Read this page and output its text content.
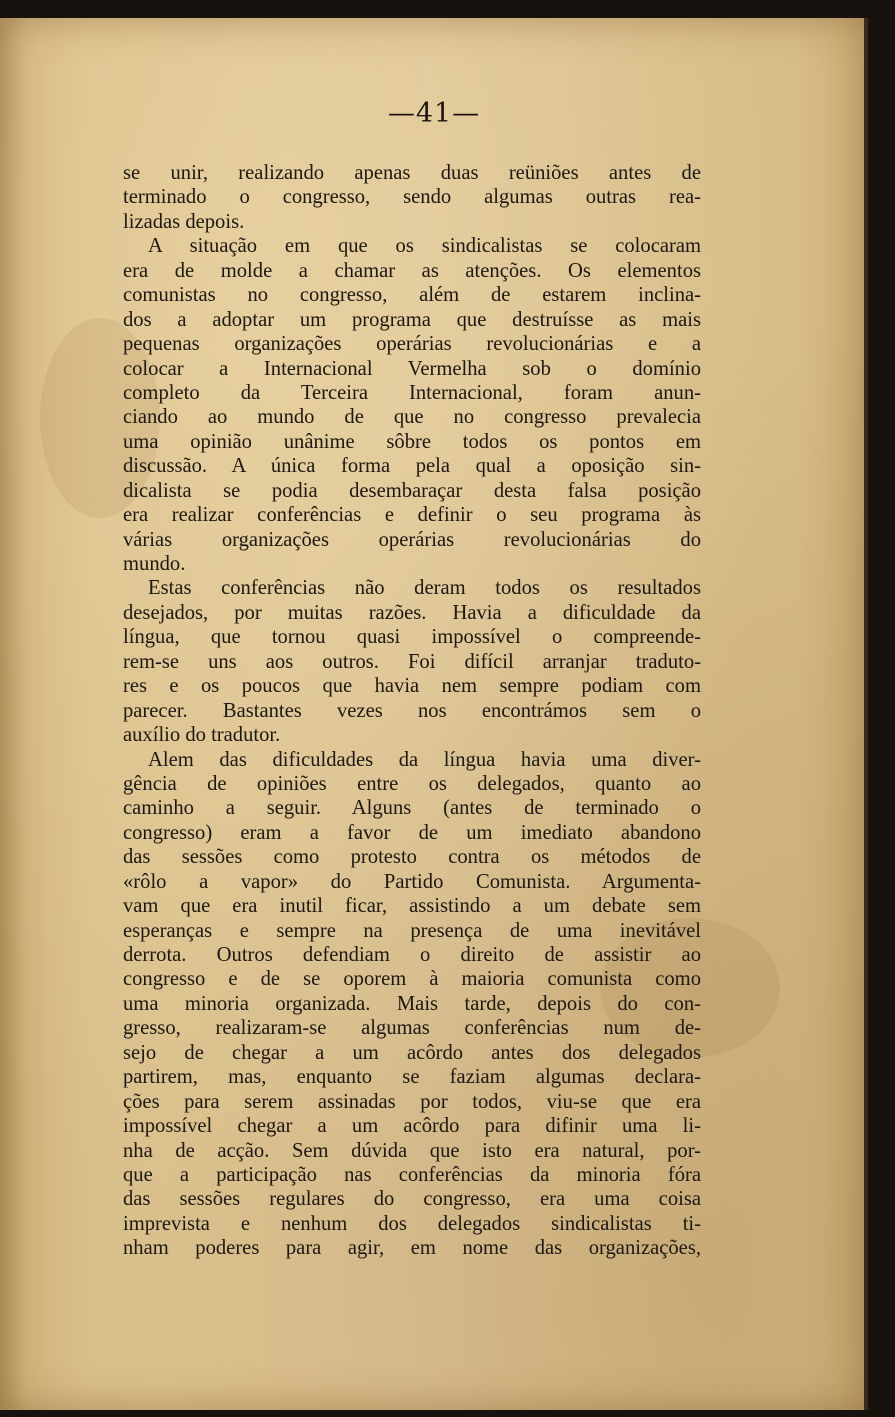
—41—
se unir, realizando apenas duas reüniões antes de
terminado o congresso, sendo algumas outras rea-
lizadas depois.
A situação em que os sindicalistas se colocaram
era de molde a chamar as atenções. Os elementos
comunistas no congresso, além de estarem inclina-
dos a adoptar um programa que destruísse as mais
pequenas organizações operárias revolucionárias e a
colocar a Internacional Vermelha sob o domínio
completo da Terceira Internacional, foram anun-
ciando ao mundo de que no congresso prevalecia
uma opinião unânime sôbre todos os pontos em
discussão. A única forma pela qual a oposição sin-
dicalista se podia desembaraçar desta falsa posição
era realizar conferências e definir o seu programa às
várias organizações operárias revolucionárias do
mundo.
Estas conferências não deram todos os resultados
desejados, por muitas razões. Havia a dificuldade da
língua, que tornou quasi impossível o compreende-
rem-se uns aos outros. Foi difícil arranjar traduto-
res e os poucos que havia nem sempre podiam com
parecer. Bastantes vezes nos encontrámos sem o
auxílio do tradutor.
Alem das dificuldades da língua havia uma diver-
gência de opiniões entre os delegados, quanto ao
caminho a seguir. Alguns (antes de terminado o
congresso) eram a favor de um imediato abandono
das sessões como protesto contra os métodos de
«rôlo a vapor» do Partido Comunista. Argumenta-
vam que era inutil ficar, assistindo a um debate sem
esperanças e sempre na presença de uma inevitável
derrota. Outros defendiam o direito de assistir ao
congresso e de se oporem à maioria comunista como
uma minoria organizada. Mais tarde, depois do con-
gresso, realizaram-se algumas conferências num de-
sejo de chegar a um acôrdo antes dos delegados
partirem, mas, enquanto se faziam algumas declara-
ções para serem assinadas por todos, viu-se que era
impossível chegar a um acôrdo para difinir uma li-
nha de acção. Sem dúvida que isto era natural, por-
que a participação nas conferências da minoria fóra
das sessões regulares do congresso, era uma coisa
imprevista e nenhum dos delegados sindicalistas ti-
nham poderes para agir, em nome das organizações,
